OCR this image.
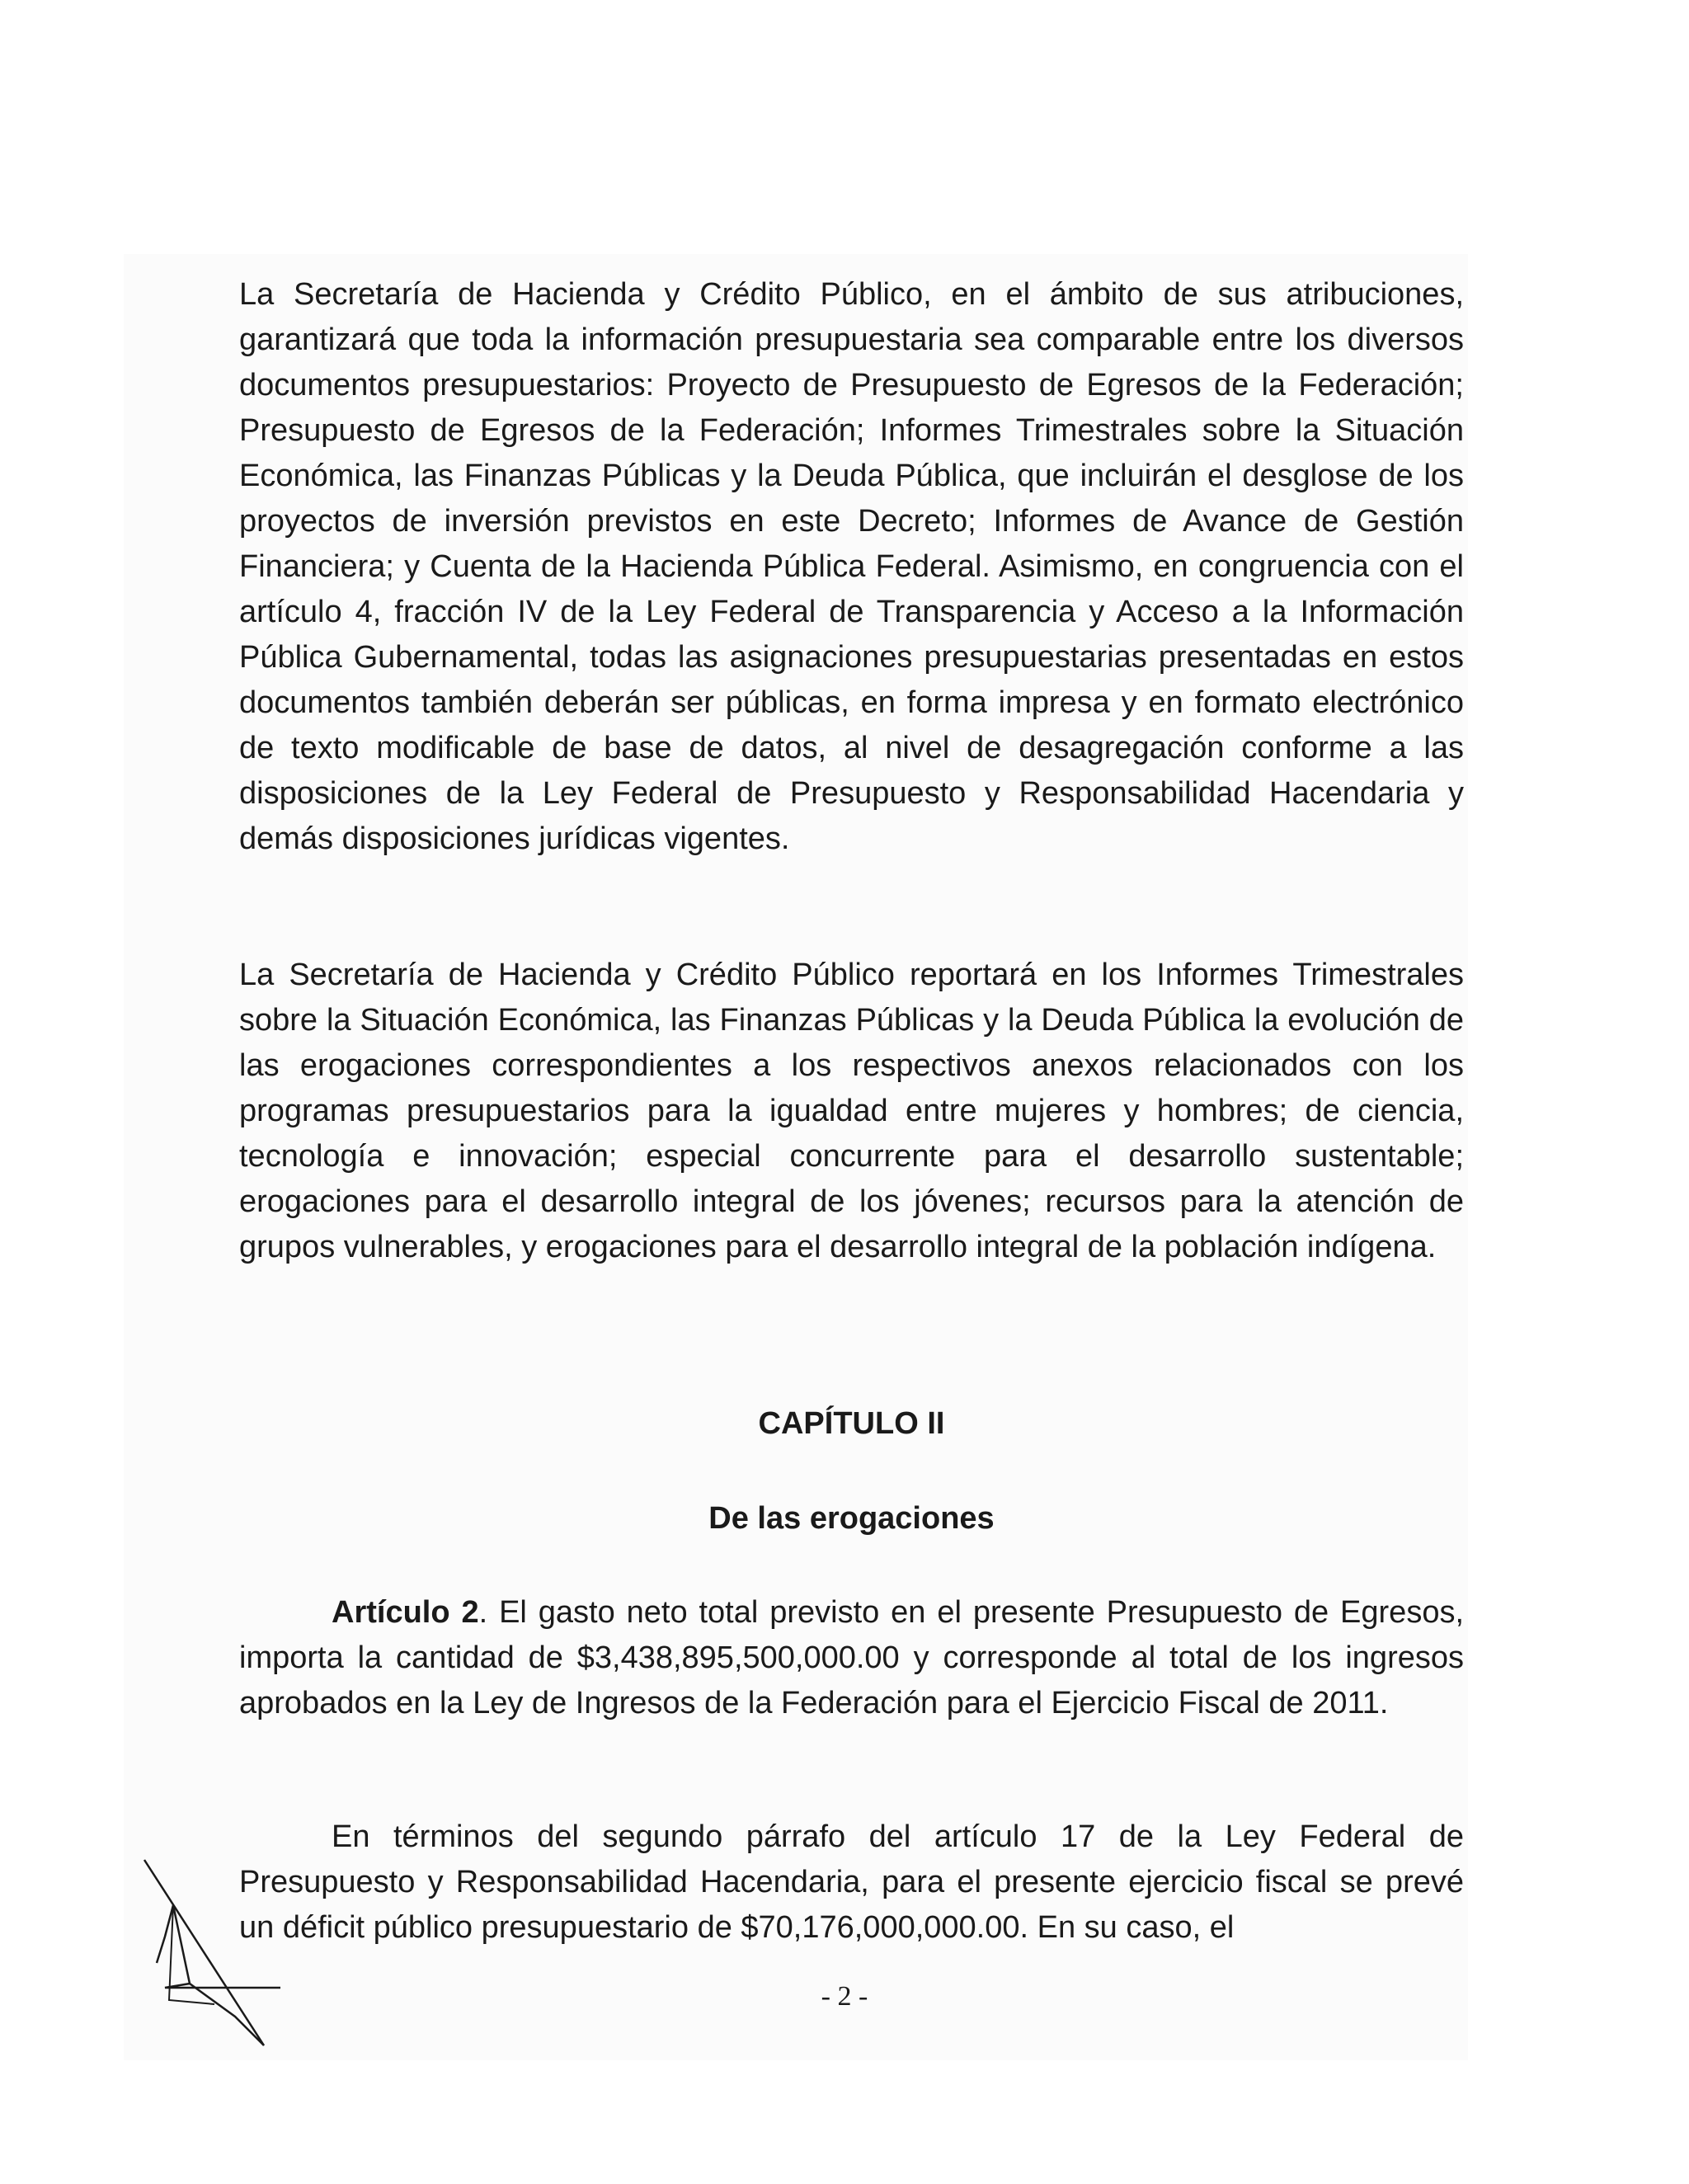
La Secretaría de Hacienda y Crédito Público, en el ámbito de sus atribuciones, garantizará que toda la información presupuestaria sea comparable entre los diversos documentos presupuestarios: Proyecto de Presupuesto de Egresos de la Federación; Presupuesto de Egresos de la Federación; Informes Trimestrales sobre la Situación Económica, las Finanzas Públicas y la Deuda Pública, que incluirán el desglose de los proyectos de inversión previstos en este Decreto; Informes de Avance de Gestión Financiera; y Cuenta de la Hacienda Pública Federal. Asimismo, en congruencia con el artículo 4, fracción IV de la Ley Federal de Transparencia y Acceso a la Información Pública Gubernamental, todas las asignaciones presupuestarias presentadas en estos documentos también deberán ser públicas, en forma impresa y en formato electrónico de texto modificable de base de datos, al nivel de desagregación conforme a las disposiciones de la Ley Federal de Presupuesto y Responsabilidad Hacendaria y demás disposiciones jurídicas vigentes.

La Secretaría de Hacienda y Crédito Público reportará en los Informes Trimestrales sobre la Situación Económica, las Finanzas Públicas y la Deuda Pública la evolución de las erogaciones correspondientes a los respectivos anexos relacionados con los programas presupuestarios para la igualdad entre mujeres y hombres; de ciencia, tecnología e innovación; especial concurrente para el desarrollo sustentable; erogaciones para el desarrollo integral de los jóvenes; recursos para la atención de grupos vulnerables, y erogaciones para el desarrollo integral de la población indígena.

CAPÍTULO II
De las erogaciones

Artículo 2. El gasto neto total previsto en el presente Presupuesto de Egresos, importa la cantidad de $3,438,895,500,000.00 y corresponde al total de los ingresos aprobados en la Ley de Ingresos de la Federación para el Ejercicio Fiscal de 2011.

En términos del segundo párrafo del artículo 17 de la Ley Federal de Presupuesto y Responsabilidad Hacendaria, para el presente ejercicio fiscal se prevé un déficit público presupuestario de $70,176,000,000.00. En su caso, el

- 2 -
